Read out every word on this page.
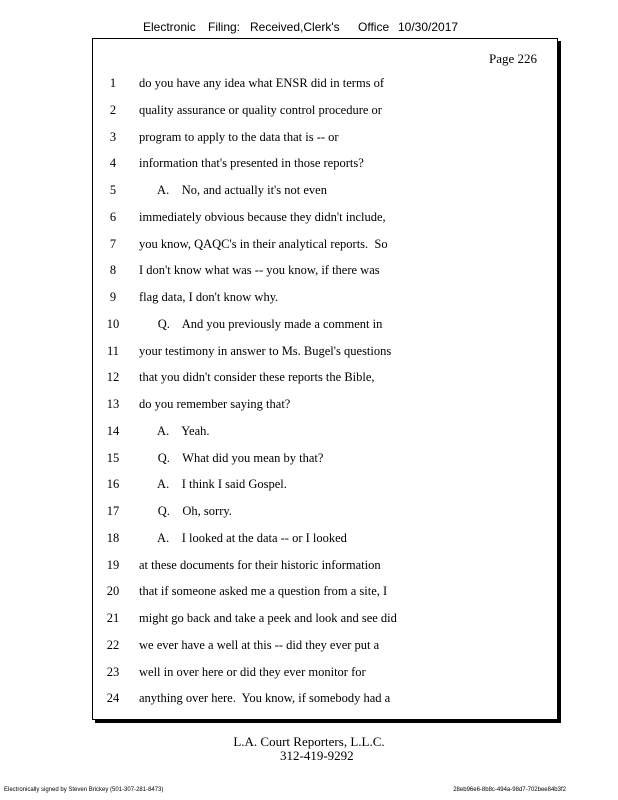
Electronic Filing: Received,Clerk's Office 10/30/2017
Page 226
1	do you have any idea what ENSR did in terms of
2	quality assurance or quality control procedure or
3	program to apply to the data that is -- or
4	information that's presented in those reports?
5	A.    No, and actually it's not even
6	immediately obvious because they didn't include,
7	you know, QAQC's in their analytical reports.  So
8	I don't know what was -- you know, if there was
9	flag data, I don't know why.
10	Q.    And you previously made a comment in
11	your testimony in answer to Ms. Bugel's questions
12	that you didn't consider these reports the Bible,
13	do you remember saying that?
14	A.    Yeah.
15	Q.    What did you mean by that?
16	A.    I think I said Gospel.
17	Q.    Oh, sorry.
18	A.    I looked at the data -- or I looked
19	at these documents for their historic information
20	that if someone asked me a question from a site, I
21	might go back and take a peek and look and see did
22	we ever have a well at this -- did they ever put a
23	well in over here or did they ever monitor for
24	anything over here.  You know, if somebody had a
L.A. Court Reporters, L.L.C.
312-419-9292
Electronically signed by Steven Brickey (501-307-281-8473)	28eb96e6-8b8c-494a-98d7-702bee84b3f2
